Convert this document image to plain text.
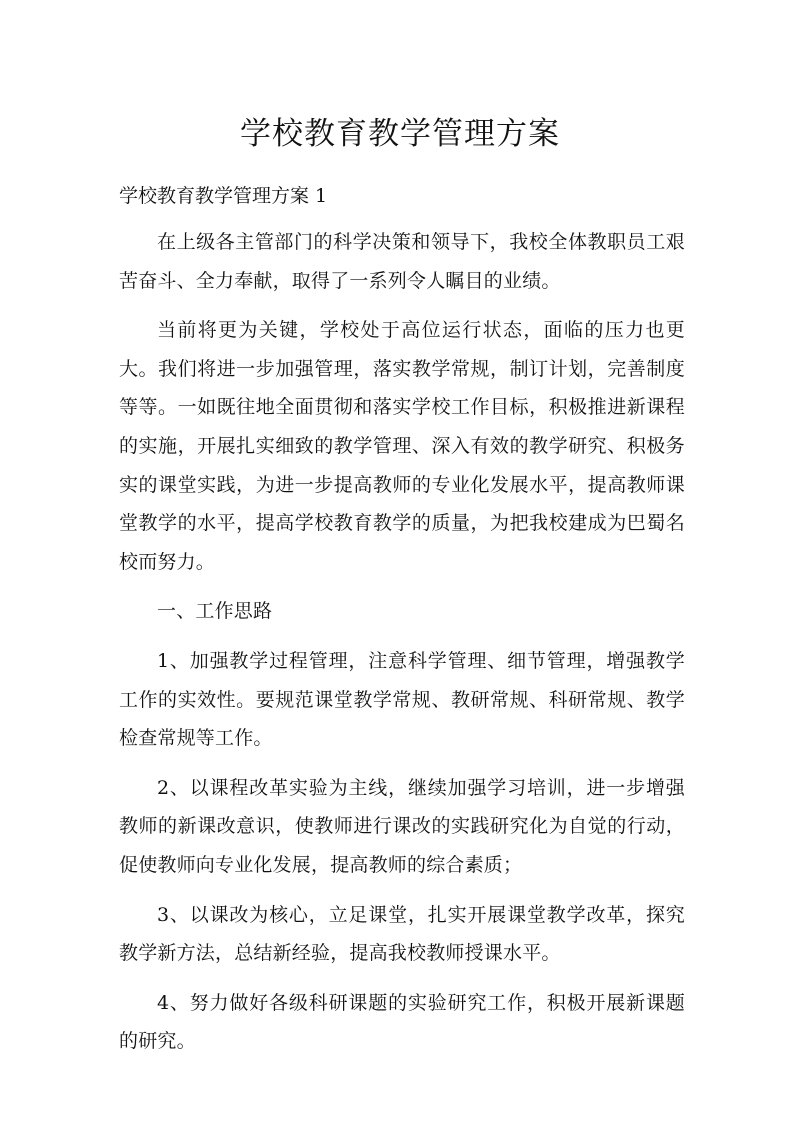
学校教育教学管理方案

学校教育教学管理方案 1

在上级各主管部门的科学决策和领导下，我校全体教职员工艰苦奋斗、全力奉献，取得了一系列令人瞩目的业绩。

当前将更为关键，学校处于高位运行状态，面临的压力也更大。我们将进一步加强管理，落实教学常规，制订计划，完善制度等等。一如既往地全面贯彻和落实学校工作目标，积极推进新课程的实施，开展扎实细致的教学管理、深入有效的教学研究、积极务实的课堂实践，为进一步提高教师的专业化发展水平，提高教师课堂教学的水平，提高学校教育教学的质量，为把我校建成为巴蜀名校而努力。

一、工作思路

1、加强教学过程管理，注意科学管理、细节管理，增强教学工作的实效性。要规范课堂教学常规、教研常规、科研常规、教学检查常规等工作。

2、以课程改革实验为主线，继续加强学习培训，进一步增强教师的新课改意识，使教师进行课改的实践研究化为自觉的行动，促使教师向专业化发展，提高教师的综合素质；

3、以课改为核心，立足课堂，扎实开展课堂教学改革，探究教学新方法，总结新经验，提高我校教师授课水平。

4、努力做好各级科研课题的实验研究工作，积极开展新课题的研究。
